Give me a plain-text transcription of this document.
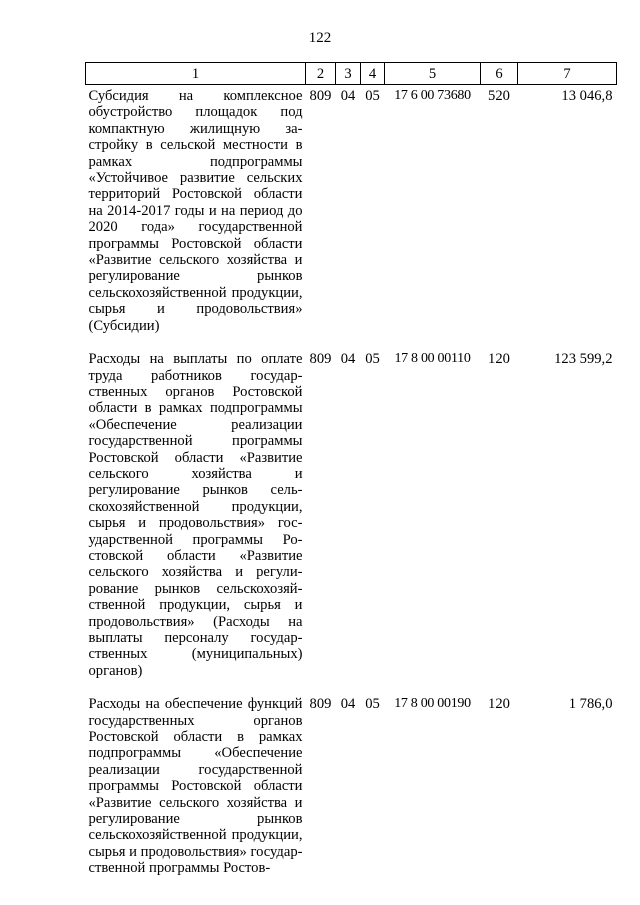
122
1	2	3	4	5	6	7
Субсидия на комплексное обустройство площадок под компактную жилищную застройку в сельской местности в рамках подпрограммы «Устойчивое развитие сельских территорий Ростовской области на 2014-2017 годы и на период до 2020 года» государственной программы Ростовской области «Развитие сельского хозяйства и регулирование рынков сельскохозяйственной продукции, сырья и продовольствия» (Субсидии)	809	04	05	17 6 00 73680	520	13 046,8
Расходы на выплаты по оплате труда работников государственных органов Ростовской области в рамках подпрограммы «Обеспечение реализации государственной программы Ростовской области «Развитие сельского хозяйства и регулирование рынков сельскохозяйственной продукции, сырья и продовольствия» государственной программы Ростовской области «Развитие сельского хозяйства и регулирование рынков сельскохозяйственной продукции, сырья и продовольствия» (Расходы на выплаты персоналу государственных (муниципальных) органов)	809	04	05	17 8 00 00110	120	123 599,2
Расходы на обеспечение функций государственных органов Ростовской области в рамках подпрограммы «Обеспечение реализации государственной программы Ростовской области «Развитие сельского хозяйства и регулирование рынков сельскохозяйственной продукции, сырья и продовольствия» государственной программы Ростов-	809	04	05	17 8 00 00190	120	1 786,0
